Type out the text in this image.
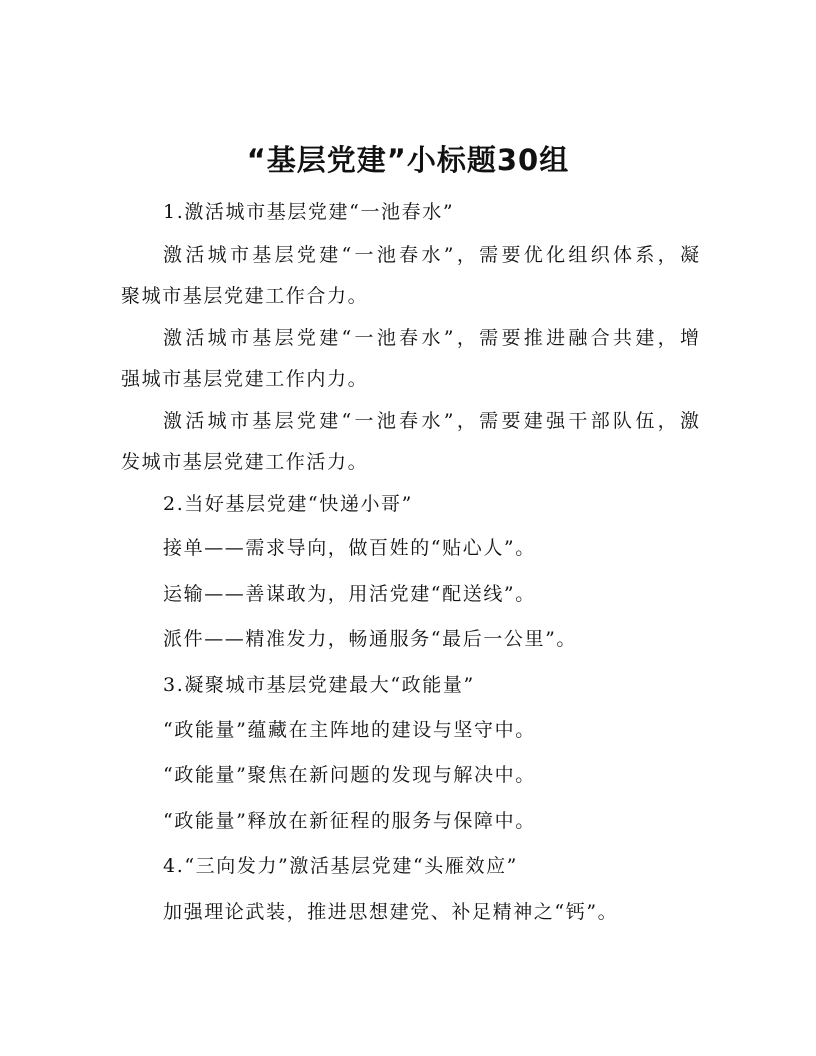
“基层党建”小标题30组

1.激活城市基层党建“一池春水”

激活城市基层党建“一池春水”，需要优化组织体系，凝

聚城市基层党建工作合力。

激活城市基层党建“一池春水”，需要推进融合共建，增

强城市基层党建工作内力。

激活城市基层党建“一池春水”，需要建强干部队伍，激

发城市基层党建工作活力。

2.当好基层党建“快递小哥”

接单——需求导向，做百姓的“贴心人”。

运输——善谋敢为，用活党建“配送线”。

派件——精准发力，畅通服务“最后一公里”。

3.凝聚城市基层党建最大“政能量”

“政能量”蕴藏在主阵地的建设与坚守中。

“政能量”聚焦在新问题的发现与解决中。

“政能量”释放在新征程的服务与保障中。

4.“三向发力”激活基层党建“头雁效应”

加强理论武装，推进思想建党、补足精神之“钙”。
